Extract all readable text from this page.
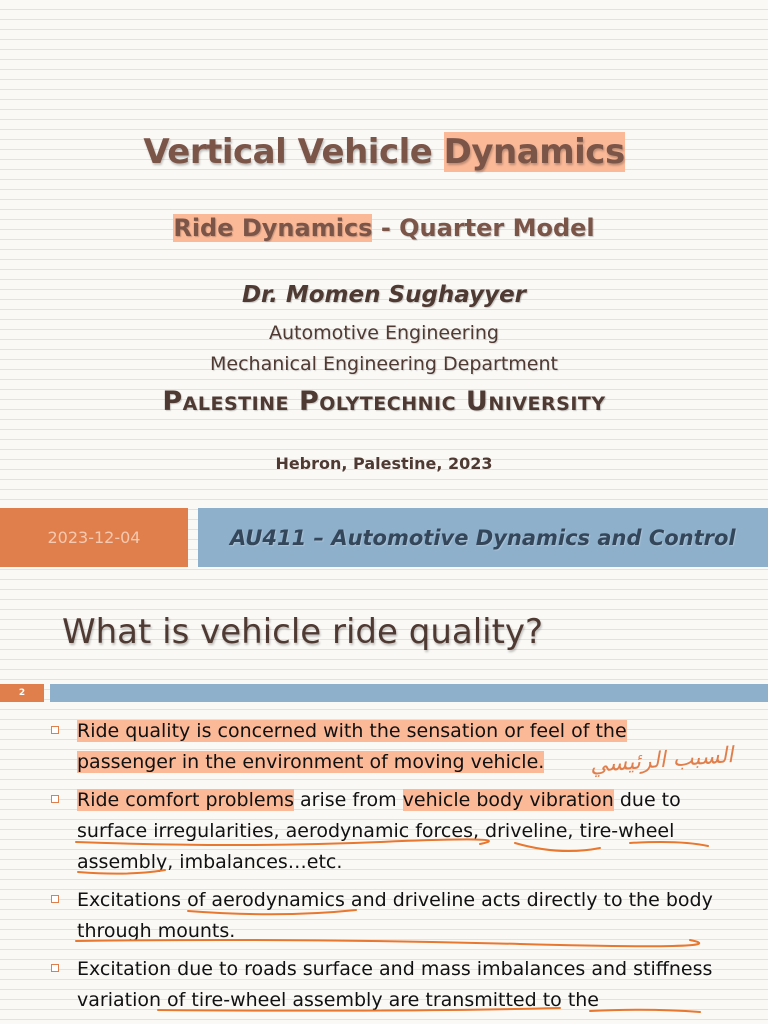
Vertical Vehicle Dynamics
Ride Dynamics - Quarter Model
Dr. Momen Sughayyer
Automotive Engineering
Mechanical Engineering Department
PALESTINE POLYTECHNIC UNIVERSITY
Hebron, Palestine, 2023
2023-12-04	AU411 – Automotive Dynamics and Control
What is vehicle ride quality?
2
Ride quality is concerned with the sensation or feel of the
passenger in the environment of moving vehicle.
Ride comfort problems arise from vehicle body vibration due to surface irregularities, aerodynamic forces, driveline, tire-wheel assembly, imbalances…etc.
Excitations of aerodynamics and driveline acts directly to the body through mounts.
Excitation due to roads surface and mass imbalances and stiffness variation of tire-wheel assembly are transmitted to the
السبب الرئيسي
